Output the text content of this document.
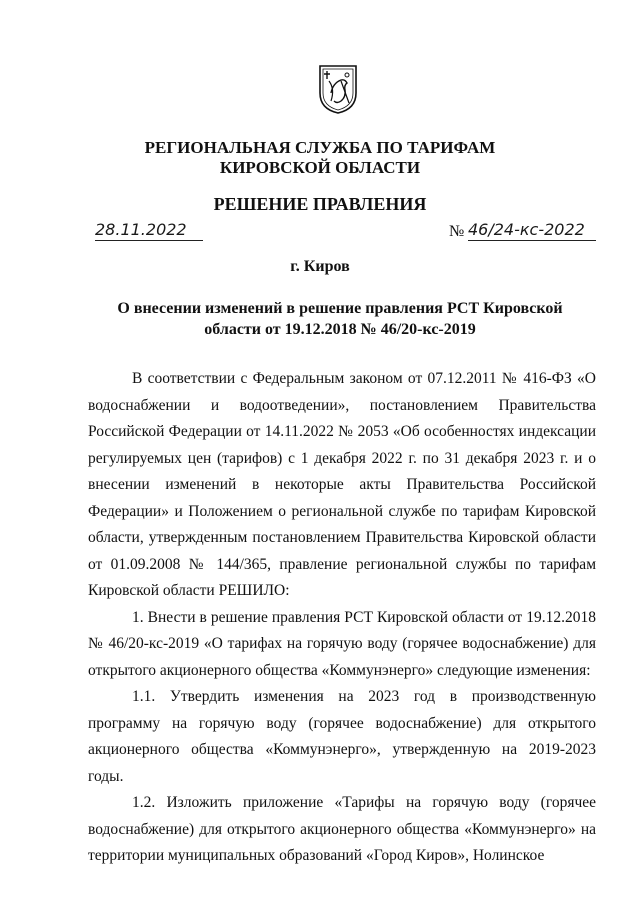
РЕГИОНАЛЬНАЯ СЛУЖБА ПО ТАРИФАМ
КИРОВСКОЙ ОБЛАСТИ
РЕШЕНИЕ ПРАВЛЕНИЯ
28.11.2022	№ 46/24-кс-2022
г. Киров
О внесении изменений в решение правления РСТ Кировской
области от 19.12.2018 № 46/20-кс-2019

В соответствии с Федеральным законом от 07.12.2011 № 416-ФЗ «О водоснабжении и водоотведении», постановлением Правительства Российской Федерации от 14.11.2022 № 2053 «Об особенностях индексации регулируемых цен (тарифов) с 1 декабря 2022 г. по 31 декабря 2023 г. и о внесении изменений в некоторые акты Правительства Российской Федерации» и Положением о региональной службе по тарифам Кировской области, утвержденным постановлением Правительства Кировской области от 01.09.2008 № 144/365, правление региональной службы по тарифам Кировской области РЕШИЛО:

1. Внести в решение правления РСТ Кировской области от 19.12.2018 № 46/20-кс-2019 «О тарифах на горячую воду (горячее водоснабжение) для открытого акционерного общества «Коммунэнерго» следующие изменения:

1.1. Утвердить изменения на 2023 год в производственную программу на горячую воду (горячее водоснабжение) для открытого акционерного общества «Коммунэнерго», утвержденную на 2019-2023 годы.

1.2. Изложить приложение «Тарифы на горячую воду (горячее водоснабжение) для открытого акционерного общества «Коммунэнерго» на территории муниципальных образований «Город Киров», Нолинское
